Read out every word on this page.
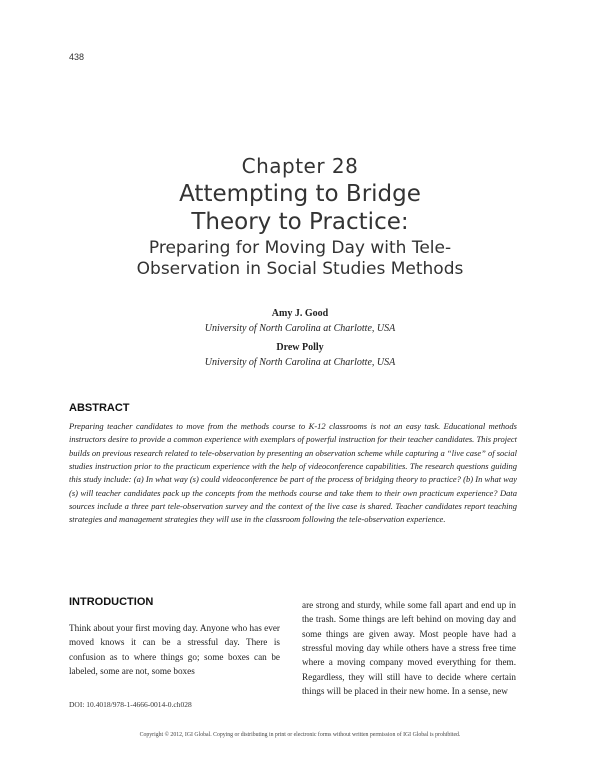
438
Chapter 28
Attempting to Bridge
Theory to Practice:
Preparing for Moving Day with Tele-
Observation in Social Studies Methods
Amy J. Good
University of North Carolina at Charlotte, USA
Drew Polly
University of North Carolina at Charlotte, USA
ABSTRACT

Preparing teacher candidates to move from the methods course to K-12 classrooms is not an easy task. Educational methods instructors desire to provide a common experience with exemplars of powerful instruction for their teacher candidates. This project builds on previous research related to tele-observation by presenting an observation scheme while capturing a “live case” of social studies instruction prior to the practicum experience with the help of videoconference capabilities. The research questions guiding this study include: (a) In what way (s) could videoconference be part of the process of bridging theory to practice? (b) In what way (s) will teacher candidates pack up the concepts from the methods course and take them to their own practicum experience? Data sources include a three part tele-observation survey and the context of the live case is shared. Teacher candidates report teaching strategies and management strategies they will use in the classroom following the tele-observation experience.

INTRODUCTION

Think about your first moving day. Anyone who has ever moved knows it can be a stressful day. There is confusion as to where things go; some boxes can be labeled, some are not, some boxes

are strong and sturdy, while some fall apart and end up in the trash. Some things are left behind on moving day and some things are given away. Most people have had a stressful moving day while others have a stress free time where a moving company moved everything for them. Regardless, they will still have to decide where certain things will be placed in their new home. In a sense, new

DOI: 10.4018/978-1-4666-0014-0.ch028
Copyright © 2012, IGI Global. Copying or distributing in print or electronic forms without written permission of IGI Global is prohibited.
